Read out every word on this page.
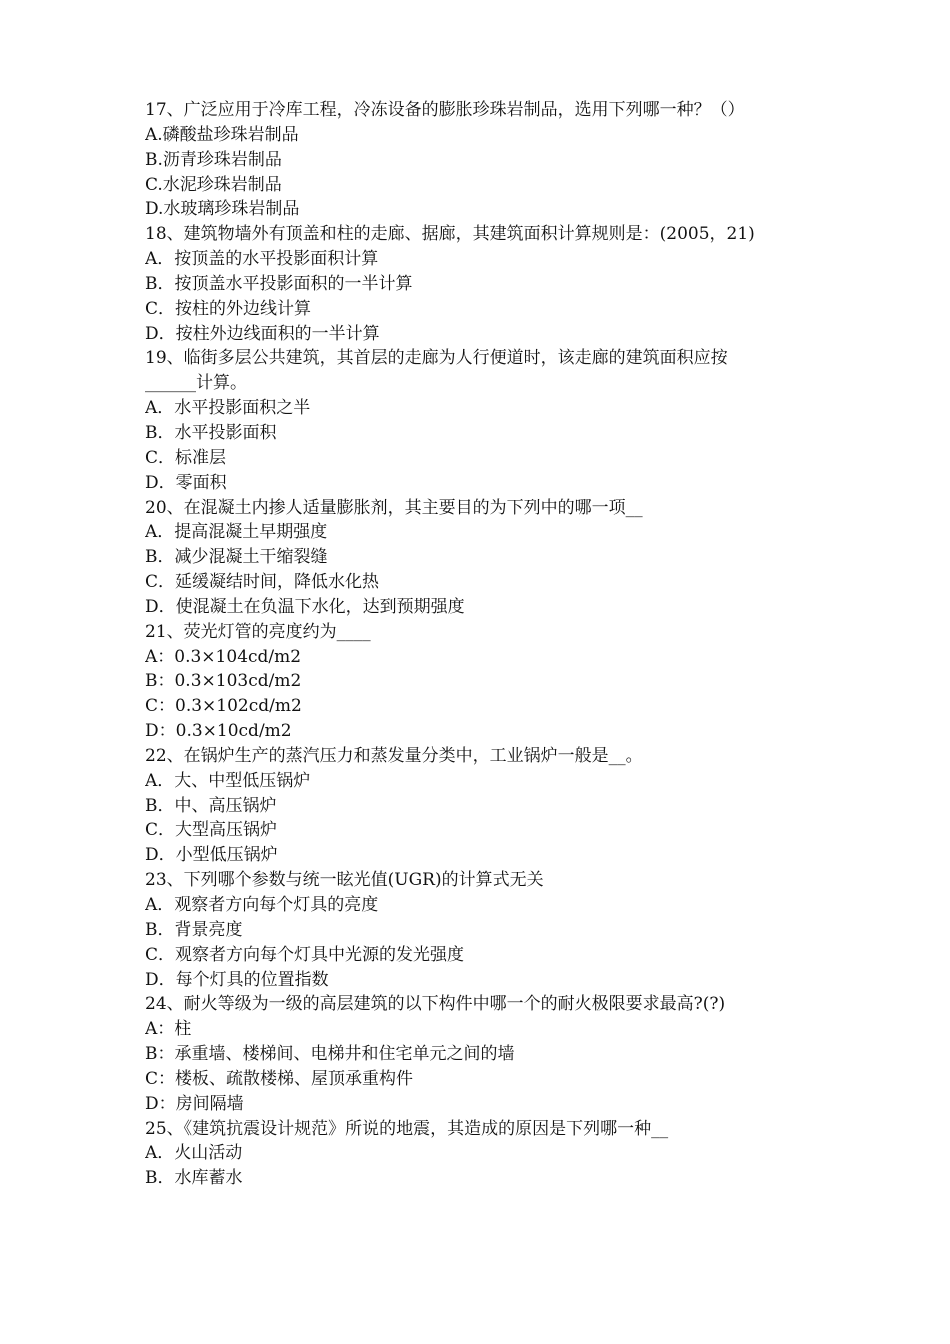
17、广泛应用于冷库工程，冷冻设备的膨胀珍珠岩制品，选用下列哪一种？（）
A.磷酸盐珍珠岩制品
B.沥青珍珠岩制品
C.水泥珍珠岩制品
D.水玻璃珍珠岩制品
18、建筑物墙外有顶盖和柱的走廊、据廊，其建筑面积计算规则是：(2005，21)
A．按顶盖的水平投影面积计算
B．按顶盖水平投影面积的一半计算
C．按柱的外边线计算
D．按柱外边线面积的一半计算
19、临街多层公共建筑，其首层的走廊为人行便道时，该走廊的建筑面积应按
______计算。
A．水平投影面积之半
B．水平投影面积
C．标准层
D．零面积
20、在混凝土内掺人适量膨胀剂，其主要目的为下列中的哪一项__
A．提高混凝土早期强度
B．减少混凝土干缩裂缝
C．延缓凝结时间，降低水化热
D．使混凝土在负温下水化，达到预期强度
21、荧光灯管的亮度约为____
A：0.3×104cd/m2
B：0.3×103cd/m2
C：0.3×102cd/m2
D：0.3×10cd/m2
22、在锅炉生产的蒸汽压力和蒸发量分类中，工业锅炉一般是__。
A．大、中型低压锅炉
B．中、高压锅炉
C．大型高压锅炉
D．小型低压锅炉
23、下列哪个参数与统一眩光值(UGR)的计算式无关
A．观察者方向每个灯具的亮度
B．背景亮度
C．观察者方向每个灯具中光源的发光强度
D．每个灯具的位置指数
24、耐火等级为一级的高层建筑的以下构件中哪一个的耐火极限要求最高?(?)
A：柱
B：承重墙、楼梯间、电梯井和住宅单元之间的墙
C：楼板、疏散楼梯、屋顶承重构件
D：房间隔墙
25、《建筑抗震设计规范》所说的地震，其造成的原因是下列哪一种__
A．火山活动
B．水库蓄水
